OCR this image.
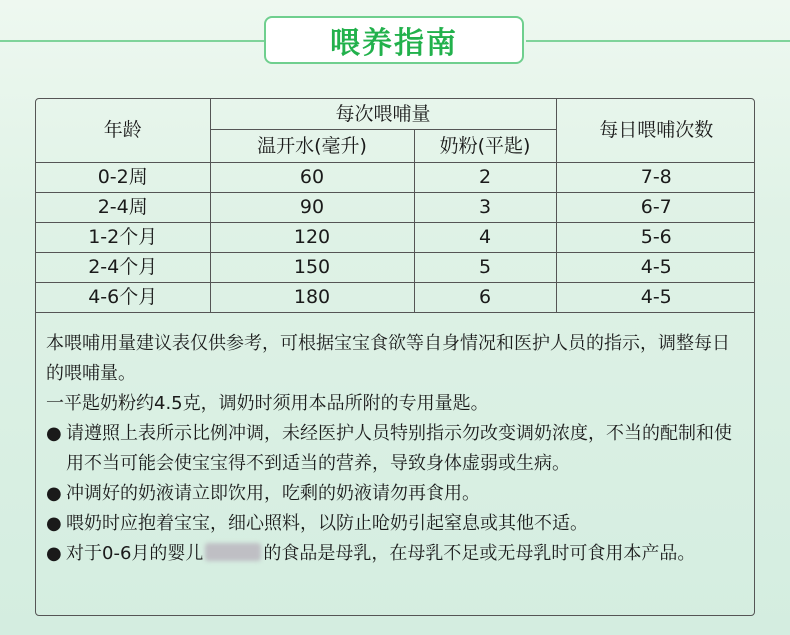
喂养指南
年龄	每次喂哺量		每日喂哺次数
	温开水(毫升)	奶粉(平匙)	
0-2周	60	2	7-8
2-4周	90	3	6-7
1-2个月	120	4	5-6
2-4个月	150	5	4-5
4-6个月	180	6	4-5

本喂哺用量建议表仅供参考，可根据宝宝食欲等自身情况和医护人员的指示，调整每日的喂哺量。

一平匙奶粉约4.5克，调奶时须用本品所附的专用量匙。

● 请遵照上表所示比例冲调，未经医护人员特别指示勿改变调奶浓度，不当的配制和使用不当可能会使宝宝得不到适当的营养，导致身体虚弱或生病。
● 冲调好的奶液请立即饮用，吃剩的奶液请勿再食用。
● 喂奶时应抱着宝宝，细心照料，以防止呛奶引起窒息或其他不适。
● 对于0-6月的婴儿	的食品是母乳，在母乳不足或无母乳时可食用本产品。
